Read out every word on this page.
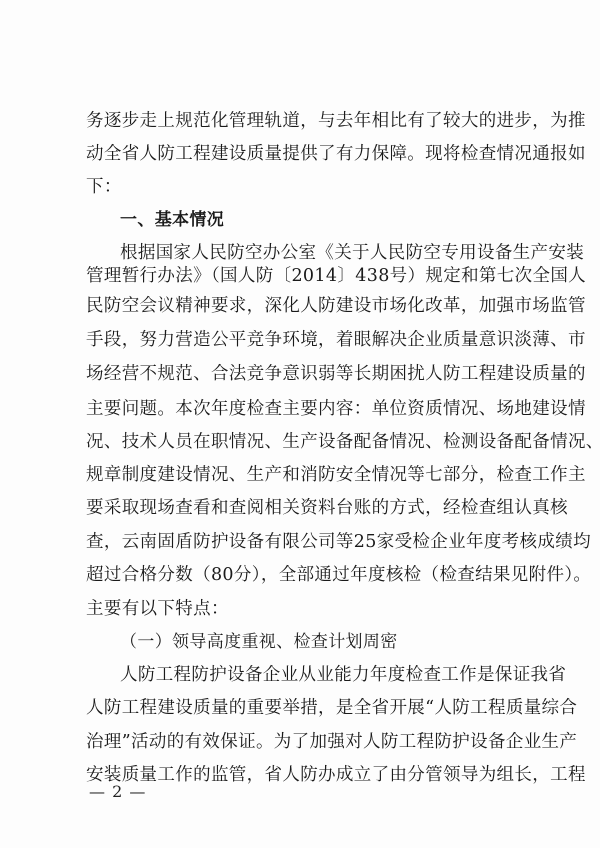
务逐步走上规范化管理轨道，与去年相比有了较大的进步，为推
动全省人防工程建设质量提供了有力保障。现将检查情况通报如
下：
一、基本情况
根据国家人民防空办公室《关于人民防空专用设备生产安装
管理暂行办法》（国人防〔2014〕438号）规定和第七次全国人
民防空会议精神要求，深化人防建设市场化改革，加强市场监管
手段，努力营造公平竞争环境，着眼解决企业质量意识淡薄、市
场经营不规范、合法竞争意识弱等长期困扰人防工程建设质量的
主要问题。本次年度检查主要内容：单位资质情况、场地建设情
况、技术人员在职情况、生产设备配备情况、检测设备配备情况、
规章制度建设情况、生产和消防安全情况等七部分，检查工作主
要采取现场查看和查阅相关资料台账的方式，经检查组认真核
查，云南固盾防护设备有限公司等25家受检企业年度考核成绩均
超过合格分数（80分），全部通过年度核检（检查结果见附件）。
主要有以下特点：
（一）领导高度重视、检查计划周密
人防工程防护设备企业从业能力年度检查工作是保证我省
人防工程建设质量的重要举措，是全省开展“人防工程质量综合
治理”活动的有效保证。为了加强对人防工程防护设备企业生产
安装质量工作的监管，省人防办成立了由分管领导为组长，工程
— 2 —
